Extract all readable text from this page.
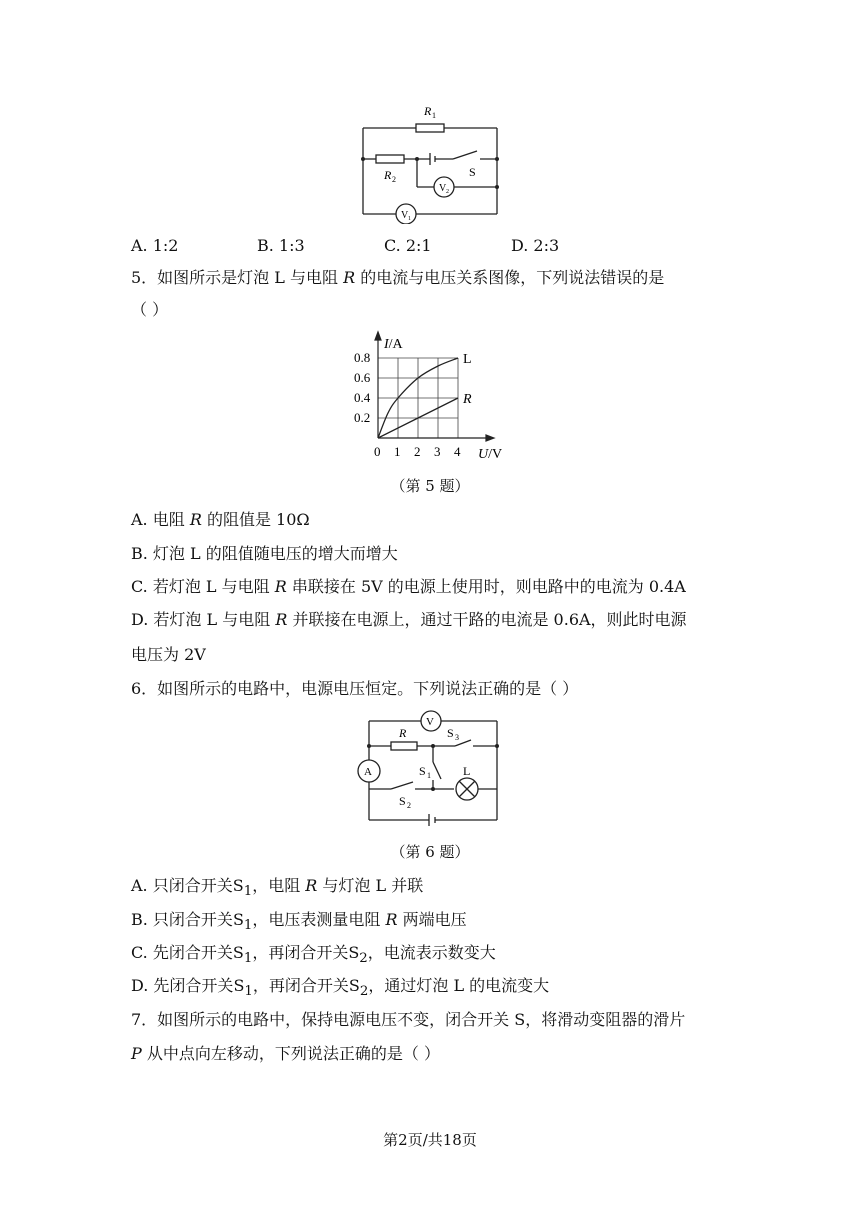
R 1
R 2
S
V 2
V 1
A. 1:2	B. 1:3	C. 2:1	D. 2:3
5．如图所示是灯泡 L 与电阻 R 的电流与电压关系图像，下列说法错误的是
（ ）
0 1 2 3 4
0.2
0.4
0.6
0.8	L
R
I/A
U/V
（第 5 题）
A. 电阻 R 的阻值是 10Ω
B. 灯泡 L 的阻值随电压的增大而增大
C. 若灯泡 L 与电阻 R 串联接在 5V 的电源上使用时，则电路中的电流为 0.4A
D. 若灯泡 L 与电阻 R 并联接在电源上，通过干路的电流是 0.6A，则此时电源
电压为 2V
6．如图所示的电路中，电源电压恒定。下列说法正确的是（ ）
V
A
R	S 3
S 1	L
S 2
（第 6 题）
A. 只闭合开关$S_1$，电阻 R 与灯泡 L 并联
B. 只闭合开关$S_1$，电压表测量电阻 R 两端电压
C. 先闭合开关$S_1$，再闭合开关$S_2$，电流表示数变大
D. 先闭合开关$S_1$，再闭合开关$S_2$，通过灯泡 L 的电流变大
7．如图所示的电路中，保持电源电压不变，闭合开关 S，将滑动变阻器的滑片
P 从中点向左移动，下列说法正确的是（ ）
第2页/共18页
